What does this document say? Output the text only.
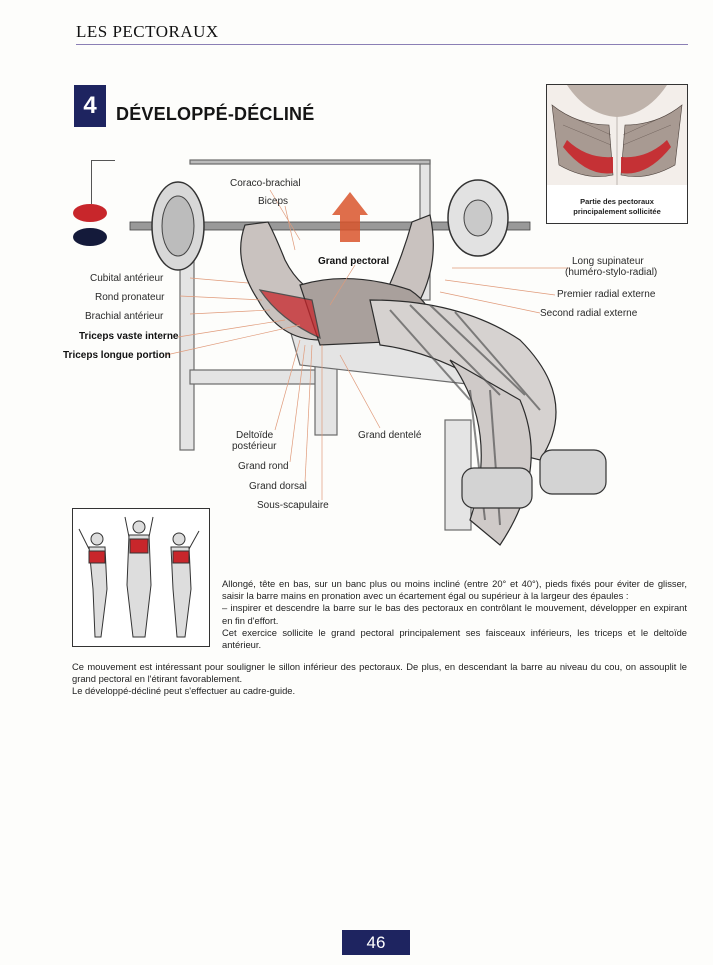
LES PECTORAUX
4	DÉVELOPPÉ-DÉCLINÉ
Partie des pectoraux
principalement sollicitée
Coraco-brachial
Biceps
Grand pectoral	Long supinateur
(huméro-stylo-radial)
Premier radial externe
Second radial externe
Cubital antérieur
Rond pronateur
Brachial antérieur
Triceps vaste interne
Triceps longue portion
Deltoïde
postérieur
Grand dentelé
Grand rond
Grand dorsal
Sous-scapulaire

Allongé, tête en bas, sur un banc plus ou moins incliné (entre 20° et 40°), pieds fixés pour éviter de glisser, saisir la barre mains en pronation avec un écartement égal ou supérieur à la largeur des épaules :

– inspirer et descendre la barre sur le bas des pectoraux en contrôlant le mouvement, développer en expirant en fin d'effort.

Cet exercice sollicite le grand pectoral principalement ses faisceaux inférieurs, les triceps et le deltoïde antérieur.

Ce mouvement est intéressant pour souligner le sillon inférieur des pectoraux. De plus, en descendant la barre au niveau du cou, on assouplit le grand pectoral en l'étirant favorablement.

Le développé-décliné peut s'effectuer au cadre-guide.

46
